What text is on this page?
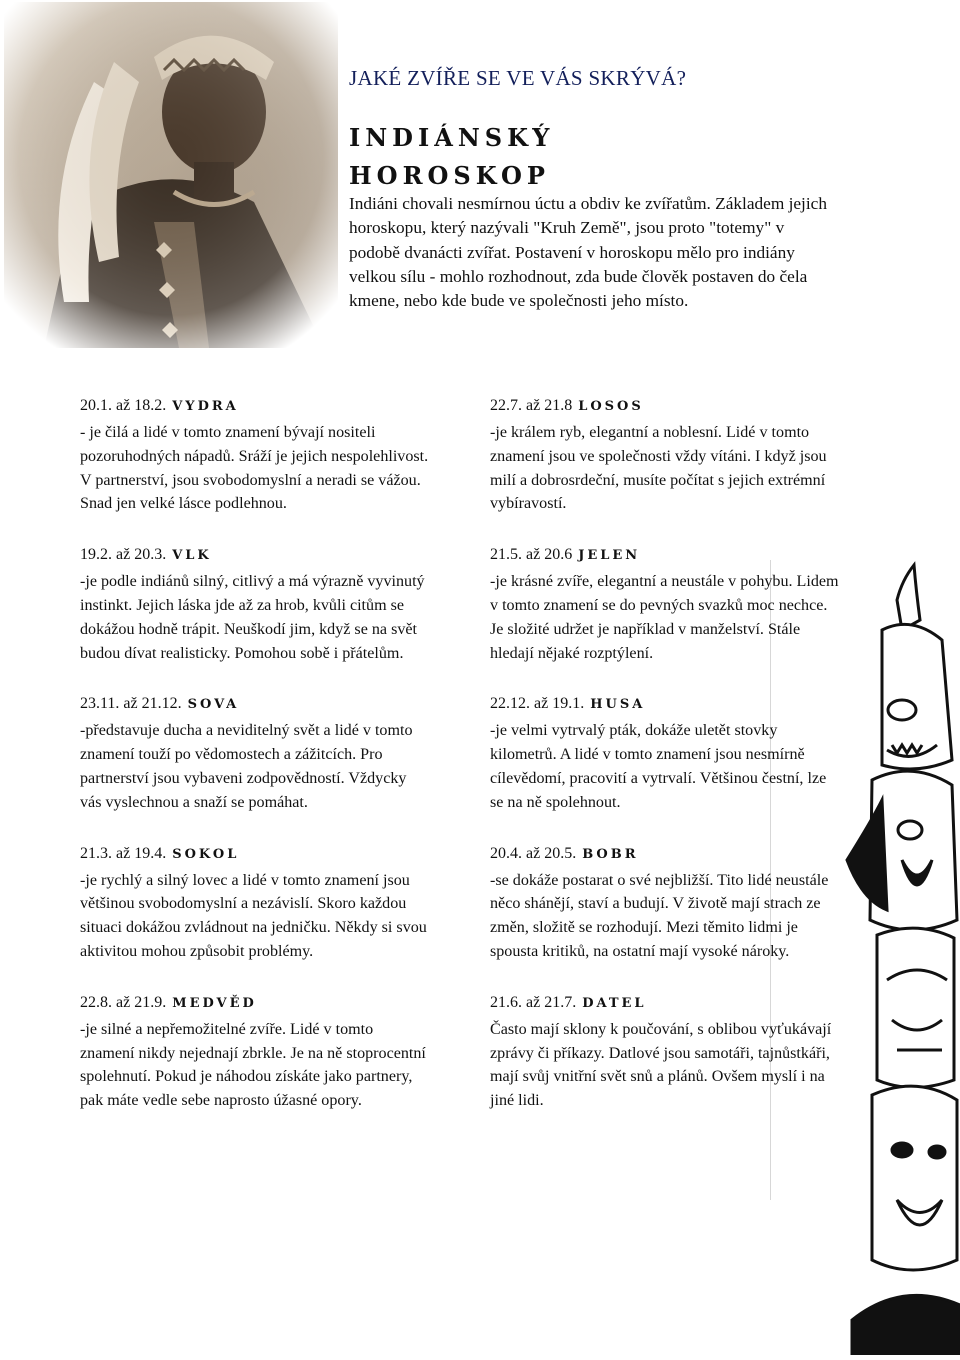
JAKÉ ZVÍŘE SE VE VÁS SKRÝVÁ?
indiánský
horoskop
Indiáni chovali nesmírnou úctu a obdiv ke zvířatům. Základem jejich horoskopu, který nazývali "Kruh Země", jsou proto "totemy" v podobě dvanácti zvířat. Postavení v horoskopu mělo pro indiány velkou sílu - mohlo rozhodnout, zda bude člověk postaven do čela kmene, nebo kde bude ve společnosti jeho místo.
20.1. až 18.2. vydra

- je čilá a lidé v tomto znamení bývají nositeli pozoruhodných nápadů. Sráží je jejich nespolehlivost. V partnerství, jsou svobodomyslní a neradi se vážou. Snad jen velké lásce podlehnou.

19.2. až 20.3. vlk

-je podle indiánů silný, citlivý a má výrazně vyvinutý instinkt. Jejich láska jde až za hrob, kvůli citům se dokážou hodně trápit. Neuškodí jim, když se na svět budou dívat realisticky. Pomohou sobě i přátelům.

23.11. až 21.12. sova

-představuje ducha a neviditelný svět a lidé v tomto znamení touží po vědomostech a zážitcích. Pro partnerství jsou vybaveni zodpovědností. Vždycky vás vyslechnou a snaží se pomáhat.

21.3. až 19.4. sokol

-je rychlý a silný lovec a lidé v tomto znamení jsou většinou svobodomyslní a nezávislí. Skoro každou situaci dokážou zvládnout na jedničku. Někdy si svou aktivitou mohou způsobit problémy.

22.8. až 21.9. medvěd

-je silné a nepřemožitelné zvíře. Lidé v tomto znamení nikdy nejednají zbrkle. Je na ně stoprocentní spolehnutí. Pokud je náhodou získáte jako partnery, pak máte vedle sebe naprosto úžasné opory.

22.7. až 21.8 losos

-je králem ryb, elegantní a noblesní. Lidé v tomto znamení jsou ve společnosti vždy vítáni. I když jsou milí a dobrosrdeční, musíte počítat s jejich extrémní vybíravostí.

21.5. až 20.6 jelen

-je krásné zvíře, elegantní a neustále v pohybu. Lidem v tomto znamení se do pevných svazků moc nechce. Je složité udržet je například v manželství. Stále hledají nějaké rozptýlení.

22.12. až 19.1. husa

-je velmi vytrvalý pták, dokáže uletět stovky kilometrů. A lidé v tomto znamení jsou nesmírně cílevědomí, pracovití a vytrvalí. Většinou čestní, lze se na ně spolehnout.

20.4. až 20.5. bobr

-se dokáže postarat o své nejbližší. Tito lidé neustále něco shánějí, staví a budují. V životě mají strach ze změn, složitě se rozhodují. Mezi těmito lidmi je spousta kritiků, na ostatní mají vysoké nároky.

21.6. až 21.7. datel

Často mají sklony k poučování, s oblibou vyťukávají zprávy či příkazy. Datlové jsou samotáři, tajnůstkáři, mají svůj vnitřní svět snů a plánů. Ovšem myslí i na jiné lidi.
